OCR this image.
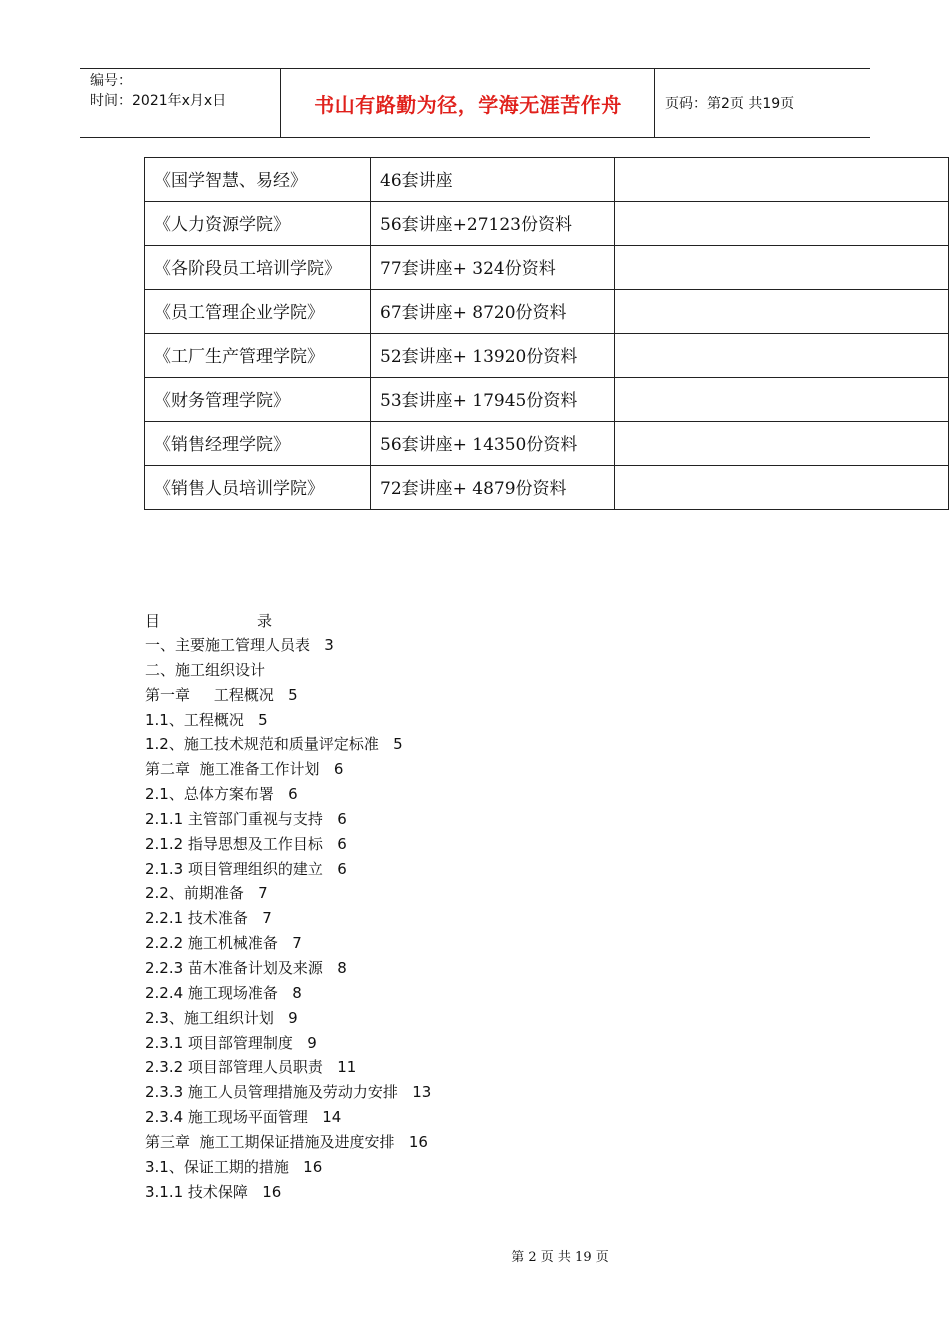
编号：
时间：2021年x月x日	书山有路勤为径，学海无涯苦作舟	页码：第2页 共19页
《国学智慧、易经》	46套讲座	
《人力资源学院》	56套讲座+27123份资料	
《各阶段员工培训学院》	77套讲座+ 324份资料	
《员工管理企业学院》	67套讲座+ 8720份资料	
《工厂生产管理学院》	52套讲座+ 13920份资料	
《财务管理学院》	53套讲座+ 17945份资料	
《销售经理学院》	56套讲座+ 14350份资料	
《销售人员培训学院》	72套讲座+ 4879份资料	
目	录
一、主要施工管理人员表   3
二、施工组织设计
第一章     工程概况   5
1.1、工程概况   5
1.2、施工技术规范和质量评定标准   5
第二章  施工准备工作计划   6
2.1、总体方案布署   6
2.1.1 主管部门重视与支持   6
2.1.2 指导思想及工作目标   6
2.1.3 项目管理组织的建立   6
2.2、前期准备   7
2.2.1 技术准备   7
2.2.2 施工机械准备   7
2.2.3 苗木准备计划及来源   8
2.2.4 施工现场准备   8
2.3、施工组织计划   9
2.3.1 项目部管理制度   9
2.3.2 项目部管理人员职责   11
2.3.3 施工人员管理措施及劳动力安排   13
2.3.4 施工现场平面管理   14
第三章  施工工期保证措施及进度安排   16
3.1、保证工期的措施   16
3.1.1 技术保障   16
第 2 页 共 19 页
